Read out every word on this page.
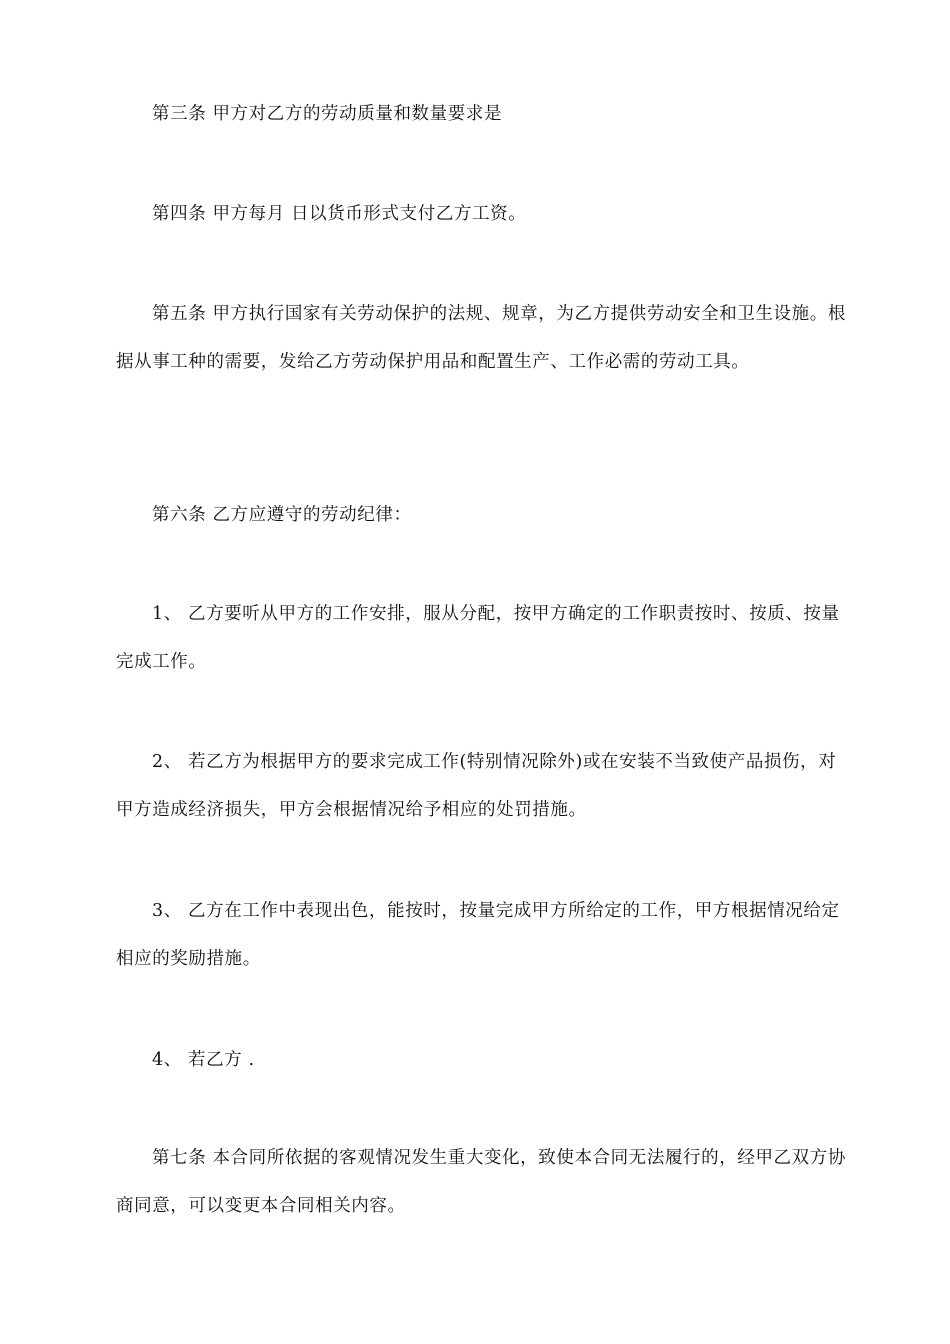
第三条 甲方对乙方的劳动质量和数量要求是

第四条 甲方每月 日以货币形式支付乙方工资。

第五条 甲方执行国家有关劳动保护的法规、规章，为乙方提供劳动安全和卫生设施。根据从事工种的需要，发给乙方劳动保护用品和配置生产、工作必需的劳动工具。

第六条 乙方应遵守的劳动纪律：

1、 乙方要听从甲方的工作安排，服从分配，按甲方确定的工作职责按时、按质、按量完成工作。

2、 若乙方为根据甲方的要求完成工作(特别情况除外)或在安装不当致使产品损伤，对甲方造成经济损失，甲方会根据情况给予相应的处罚措施。

3、 乙方在工作中表现出色，能按时，按量完成甲方所给定的工作，甲方根据情况给定相应的奖励措施。

4、 若乙方 .

第七条 本合同所依据的客观情况发生重大变化，致使本合同无法履行的，经甲乙双方协商同意，可以变更本合同相关内容。
